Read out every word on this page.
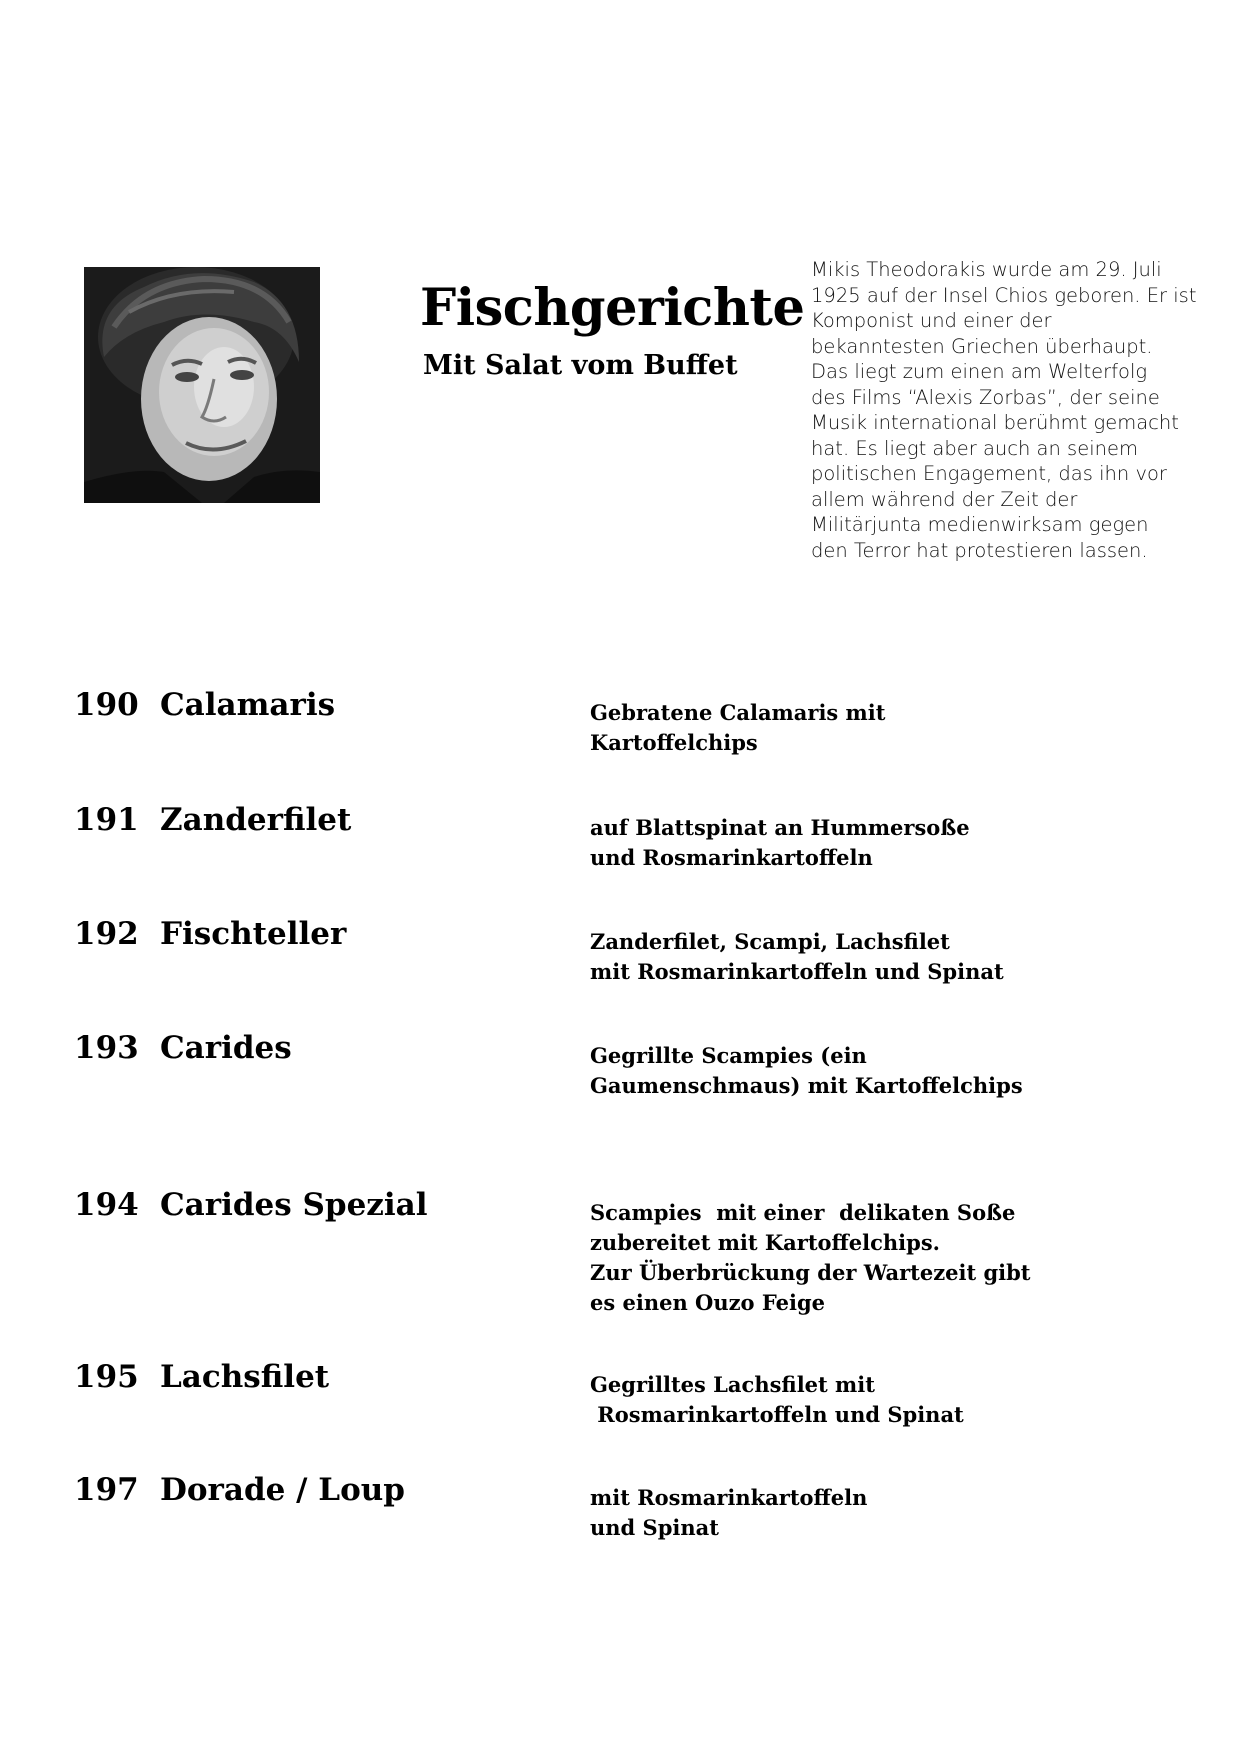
Fischgerichte
Mit Salat vom Buffet
Mikis Theodorakis wurde am 29. Juli
1925 auf der Insel Chios geboren. Er ist
Komponist und einer der
bekanntesten Griechen überhaupt.
Das liegt zum einen am Welterfolg
des Films “Alexis Zorbas”, der seine
Musik international berühmt gemacht
hat. Es liegt aber auch an seinem
politischen Engagement, das ihn vor
allem während der Zeit der
Militärjunta medienwirksam gegen
den Terror hat protestieren lassen.
190 Calamaris	Gebratene Calamaris mit
Kartoffelchips
191 Zanderfilet	auf Blattspinat an Hummersoße
und Rosmarinkartoffeln
192 Fischteller	Zanderfilet, Scampi, Lachsfilet
mit Rosmarinkartoffeln und Spinat
193 Carides	Gegrillte Scampies (ein
Gaumenschmaus) mit Kartoffelchips
194 Carides Spezial	Scampies  mit einer  delikaten Soße
zubereitet mit Kartoffelchips.
Zur Überbrückung der Wartezeit gibt
es einen Ouzo Feige
195 Lachsfilet	Gegrilltes Lachsfilet mit
Rosmarinkartoffeln und Spinat
197 Dorade / Loup	mit Rosmarinkartoffeln
und Spinat
